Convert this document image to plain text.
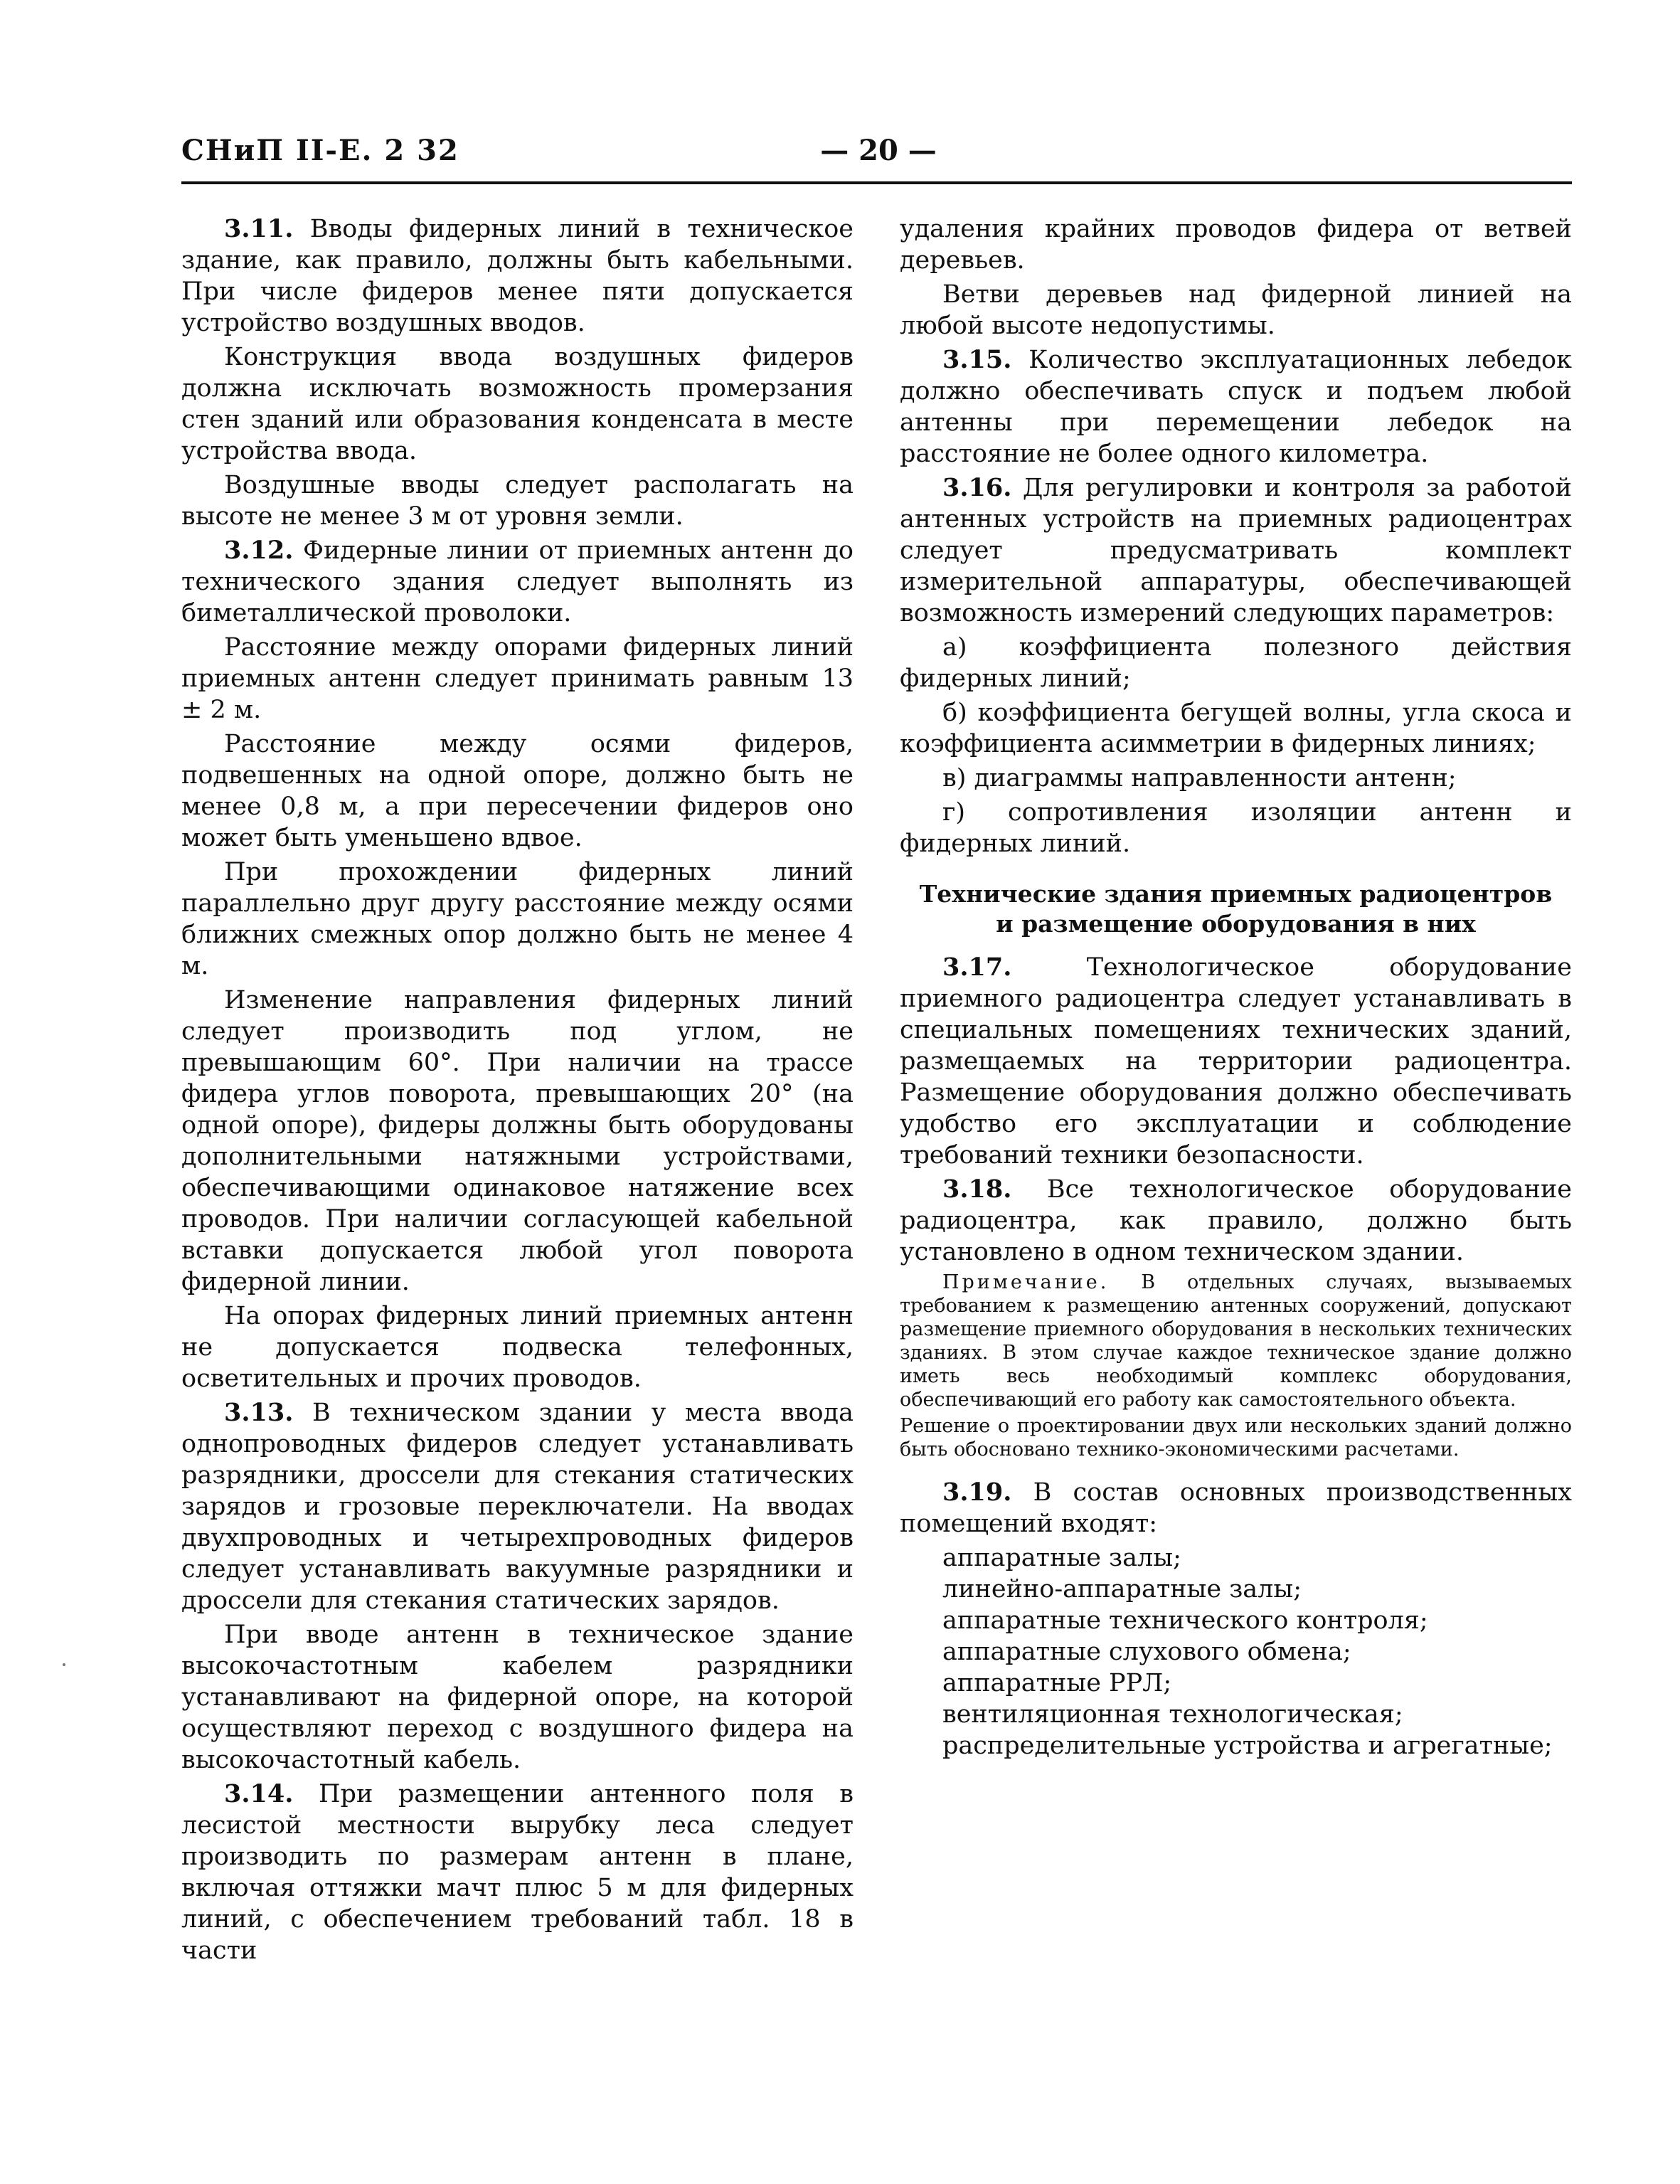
СНиП II-Е. 2 32	— 20 —

3.11. Вводы фидерных линий в техническое здание, как правило, должны быть кабельными. При числе фидеров менее пяти допускается устройство воздушных вводов.

Конструкция ввода воздушных фидеров должна исключать возможность промерзания стен зданий или образования конденсата в месте устройства ввода.

Воздушные вводы следует располагать на высоте не менее 3 м от уровня земли.

3.12. Фидерные линии от приемных антенн до технического здания следует выполнять из биметаллической проволоки.

Расстояние между опорами фидерных линий приемных антенн следует принимать равным 13 ± 2 м.

Расстояние между осями фидеров, подвешенных на одной опоре, должно быть не менее 0,8 м, а при пересечении фидеров оно может быть уменьшено вдвое.

При прохождении фидерных линий параллельно друг другу расстояние между осями ближних смежных опор должно быть не менее 4 м.

Изменение направления фидерных линий следует производить под углом, не превышающим 60°. При наличии на трассе фидера углов поворота, превышающих 20° (на одной опоре), фидеры должны быть оборудованы дополнительными натяжными устройствами, обеспечивающими одинаковое натяжение всех проводов. При наличии согласующей кабельной вставки допускается любой угол поворота фидерной линии.

На опорах фидерных линий приемных антенн не допускается подвеска телефонных, осветительных и прочих проводов.

3.13. В техническом здании у места ввода однопроводных фидеров следует устанавливать разрядники, дроссели для стекания статических зарядов и грозовые переключатели. На вводах двухпроводных и четырехпроводных фидеров следует устанавливать вакуумные разрядники и дроссели для стекания статических зарядов.

При вводе антенн в техническое здание высокочастотным кабелем разрядники устанавливают на фидерной опоре, на которой осуществляют переход с воздушного фидера на высокочастотный кабель.

3.14. При размещении антенного поля в лесистой местности вырубку леса следует производить по размерам антенн в плане, включая оттяжки мачт плюс 5 м для фидерных линий, с обеспечением требований табл. 18 в части

удаления крайних проводов фидера от ветвей деревьев.

Ветви деревьев над фидерной линией на любой высоте недопустимы.

3.15. Количество эксплуатационных лебедок должно обеспечивать спуск и подъем любой антенны при перемещении лебедок на расстояние не более одного километра.

3.16. Для регулировки и контроля за работой антенных устройств на приемных радиоцентрах следует предусматривать комплект измерительной аппаратуры, обеспечивающей возможность измерений следующих параметров:

а) коэффициента полезного действия фидерных линий;

б) коэффициента бегущей волны, угла скоса и коэффициента асимметрии в фидерных линиях;

в) диаграммы направленности антенн;

г) сопротивления изоляции антенн и фидерных линий.

Технические здания приемных радиоцентров
и размещение оборудования в них

3.17.	Технологическое оборудование приемного радиоцентра следует устанавливать в специальных помещениях технических зданий, размещаемых на территории радиоцентра. Размещение оборудования должно обеспечивать удобство его эксплуатации и соблюдение требований техники безопасности.

3.18. Все технологическое оборудование радиоцентра, как правило, должно быть установлено в одном техническом здании.

Примечание. В отдельных случаях, вызываемых требованием к размещению антенных сооружений, допускают размещение приемного оборудования в нескольких технических зданиях. В этом случае каждое техническое здание должно иметь весь необходимый комплекс оборудования, обеспечивающий его работу как самостоятельного объекта.

Решение о проектировании двух или нескольких зданий должно быть обосновано технико-экономическими расчетами.

3.19. В состав основных производственных помещений входят:

аппаратные залы;
линейно-аппаратные залы;
аппаратные технического контроля;
аппаратные слухового обмена;
аппаратные РРЛ;
вентиляционная технологическая;
распределительные устройства и агрегатные;
